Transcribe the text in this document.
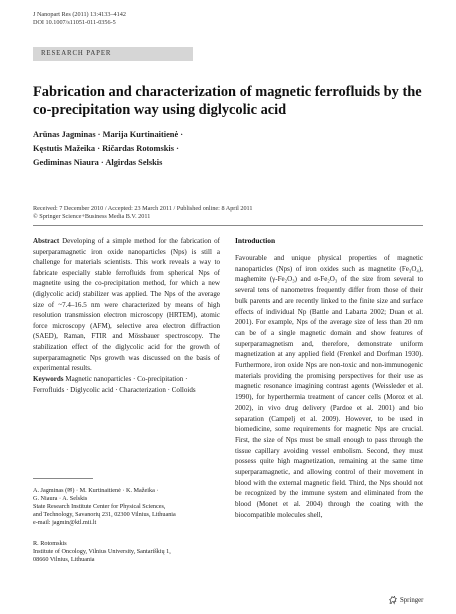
J Nanopart Res (2011) 13:4133–4142
DOI 10.1007/s11051-011-0356-5
RESEARCH PAPER
Fabrication and characterization of magnetic ferrofluids by the co-precipitation way using diglycolic acid
Arūnas Jagminas · Marija Kurtinaitienė ·
Kęstutis Mažeika · Ričardas Rotomskis ·
Gediminas Niaura · Algirdas Selskis
Received: 7 December 2010 / Accepted: 23 March 2011 / Published online: 8 April 2011
© Springer Science+Business Media B.V. 2011
Abstract Developing of a simple method for the fabrication of superparamagnetic iron oxide nanoparticles (Nps) is still a challenge for materials scientists. This work reveals a way to fabricate especially stable ferrofluids from spherical Nps of magnetite using the co-precipitation method, for which a new (diglycolic acid) stabilizer was applied. The Nps of the average size of ~7.4–16.5 nm were characterized by means of high resolution transmission electron microscopy (HRTEM), atomic force microscopy (AFM), selective area electron diffraction (SAED), Raman, FTIR and Mössbauer spectroscopy. The stabilization effect of the diglycolic acid for the growth of superparamagnetic Nps growth was discussed on the basis of experimental results.
Keywords Magnetic nanoparticles · Co-precipitation · Ferrofluids · Diglycolic acid · Characterization · Colloids
A. Jagminas (✉) · M. Kurtinaitienė · K. Mažeika ·
G. Niaura · A. Selskis
State Research Institute Center for Physical Sciences,
and Technology, Savanorių 231, 02300 Vilnius, Lithuania
e-mail: jagmin@ktl.mii.lt
R. Rotomskis
Institute of Oncology, Vilnius University, Santariškių 1,
08660 Vilnius, Lithuania
Introduction
Favourable and unique physical properties of magnetic nanoparticles (Nps) of iron oxides such as magnetite (Fe₃O₄), maghemite (γ-Fe₂O₃) and α-Fe₂O₃ of the size from several to several tens of nanometres frequently differ from those of their bulk parents and are recently linked to the finite size and surface effects of individual Np (Battle and Labarta 2002; Duan et al. 2001). For example, Nps of the average size of less than 20 nm can be of a single magnetic domain and show features of superparamagnetism and, therefore, demonstrate uniform magnetization at any applied field (Frenkel and Dorfman 1930). Furthermore, iron oxide Nps are non-toxic and non-immunogenic materials providing the promising perspectives for their use as magnetic resonance imagining contrast agents (Weissleder et al. 1990), for hyperthermia treatment of cancer cells (Moroz et al. 2002), in vivo drug delivery (Pardoe et al. 2001) and bio separation (Campelj et al. 2009). However, to be used in biomedicine, some requirements for magnetic Nps are crucial. First, the size of Nps must be small enough to pass through the tissue capillary avoiding vessel embolism. Second, they must possess quite high magnetization, remaining at the same time superparamagnetic, and allowing control of their movement in blood with the external magnetic field. Third, the Nps should not be recognized by the immune system and eliminated from the blood (Monet et al. 2004) through the coating with the biocompatible molecules shell,
Springer
